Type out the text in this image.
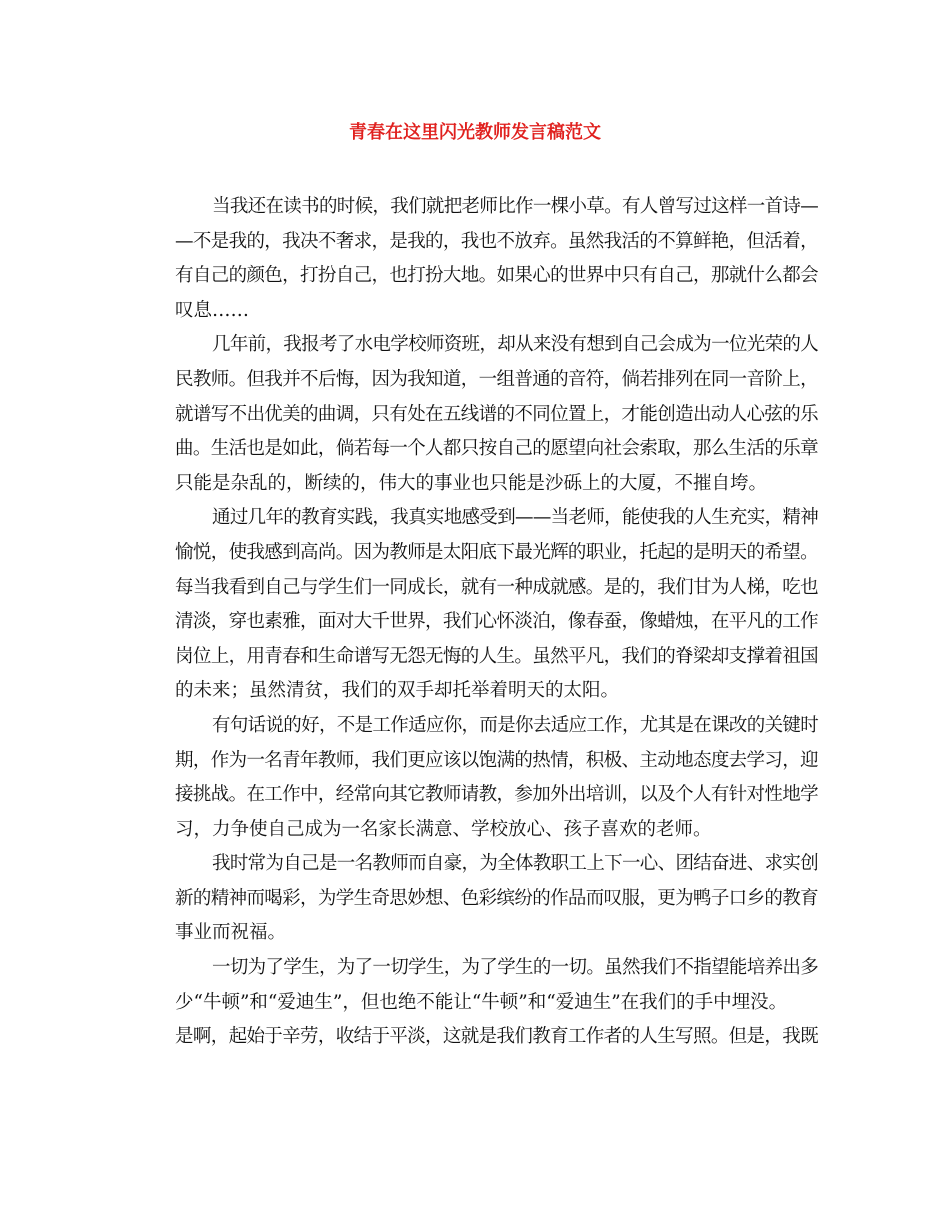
青春在这里闪光教师发言稿范文

当我还在读书的时候，我们就把老师比作一棵小草。有人曾写过这样一首诗—
—不是我的，我决不奢求，是我的，我也不放弃。虽然我活的不算鲜艳，但活着，
有自己的颜色，打扮自己，也打扮大地。如果心的世界中只有自己，那就什么都会
叹息……

几年前，我报考了水电学校师资班，却从来没有想到自己会成为一位光荣的人
民教师。但我并不后悔，因为我知道，一组普通的音符，倘若排列在同一音阶上，
就谱写不出优美的曲调，只有处在五线谱的不同位置上，才能创造出动人心弦的乐
曲。生活也是如此，倘若每一个人都只按自己的愿望向社会索取，那么生活的乐章
只能是杂乱的，断续的，伟大的事业也只能是沙砾上的大厦，不摧自垮。

通过几年的教育实践，我真实地感受到——当老师，能使我的人生充实，精神
愉悦，使我感到高尚。因为教师是太阳底下最光辉的职业，托起的是明天的希望。
每当我看到自己与学生们一同成长，就有一种成就感。是的，我们甘为人梯，吃也
清淡，穿也素雅，面对大千世界，我们心怀淡泊，像春蚕，像蜡烛，在平凡的工作
岗位上，用青春和生命谱写无怨无悔的人生。虽然平凡，我们的脊梁却支撑着祖国
的未来；虽然清贫，我们的双手却托举着明天的太阳。

有句话说的好，不是工作适应你，而是你去适应工作，尤其是在课改的关键时
期，作为一名青年教师，我们更应该以饱满的热情，积极、主动地态度去学习，迎
接挑战。在工作中，经常向其它教师请教，参加外出培训，以及个人有针对性地学
习，力争使自己成为一名家长满意、学校放心、孩子喜欢的老师。

我时常为自己是一名教师而自豪，为全体教职工上下一心、团结奋进、求实创
新的精神而喝彩，为学生奇思妙想、色彩缤纷的作品而叹服，更为鸭子口乡的教育
事业而祝福。

一切为了学生，为了一切学生，为了学生的一切。虽然我们不指望能培养出多
少“牛顿”和“爱迪生”，但也绝不能让“牛顿”和“爱迪生”在我们的手中埋没。
是啊，起始于辛劳，收结于平淡，这就是我们教育工作者的人生写照。但是，我既
